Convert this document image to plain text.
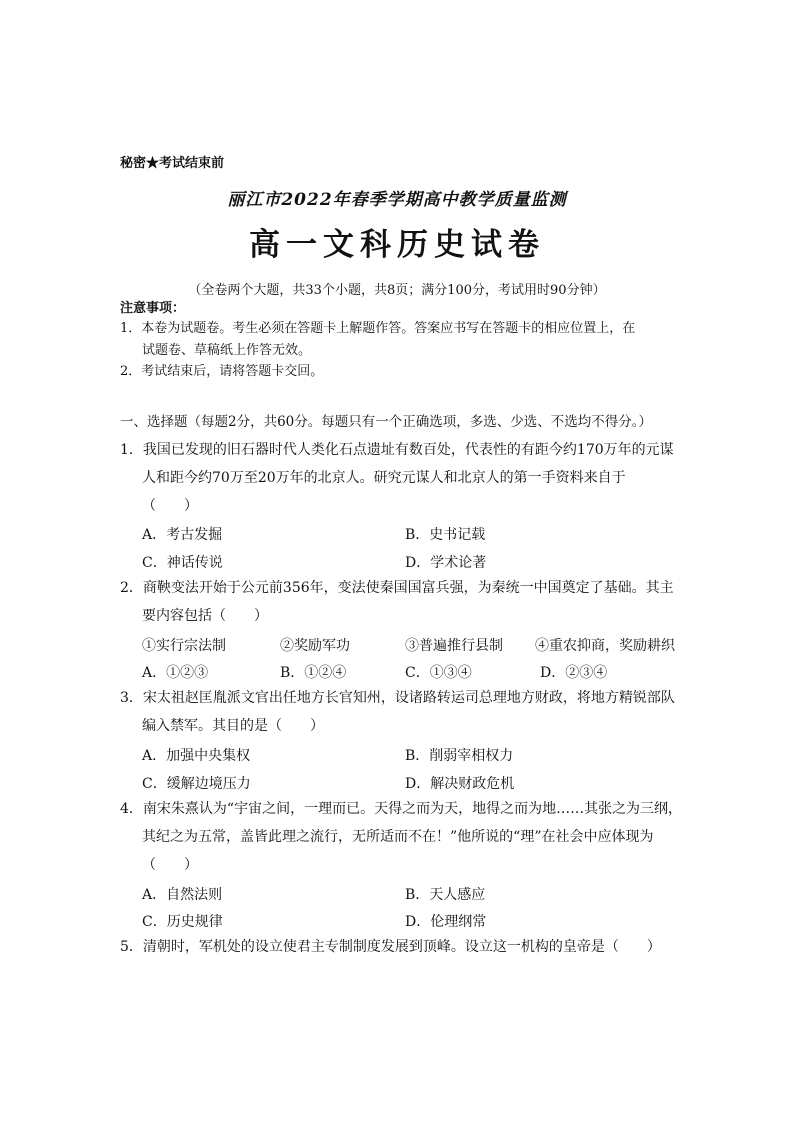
秘密★考试结束前
丽江市2022年春季学期高中教学质量监测
高一文科历史试卷
（全卷两个大题，共33个小题，共8页；满分100分，考试用时90分钟）
注意事项：
1．本卷为试题卷。考生必须在答题卡上解题作答。答案应书写在答题卡的相应位置上，在
试题卷、草稿纸上作答无效。
2．考试结束后，请将答题卡交回。
一、选择题（每题2分，共60分。每题只有一个正确选项，多选、少选、不选均不得分。）
1．我国已发现的旧石器时代人类化石点遗址有数百处，代表性的有距今约170万年的元谋
人和距今约70万至20万年的北京人。研究元谋人和北京人的第一手资料来自于
（　　）
A．考古发掘	B．史书记载
C．神话传说	D．学术论著
2．商鞅变法开始于公元前356年，变法使秦国国富兵强，为秦统一中国奠定了基础。其主
要内容包括（　　）
①实行宗法制	②奖励军功	③普遍推行县制 ④重农抑商，奖励耕织
A．①②③	B．①②④	C．①③④	D．②③④
3．宋太祖赵匡胤派文官出任地方长官知州，设诸路转运司总理地方财政，将地方精锐部队
编入禁军。其目的是（　　）
A．加强中央集权	B．削弱宰相权力
C．缓解边境压力	D．解决财政危机
4．南宋朱熹认为“宇宙之间，一理而已。天得之而为天，地得之而为地……其张之为三纲，
其纪之为五常，盖皆此理之流行，无所适而不在！”他所说的“理”在社会中应体现为
（　　）
A．自然法则	B．天人感应
C．历史规律	D．伦理纲常
5．清朝时，军机处的设立使君主专制制度发展到顶峰。设立这一机构的皇帝是（　　）
